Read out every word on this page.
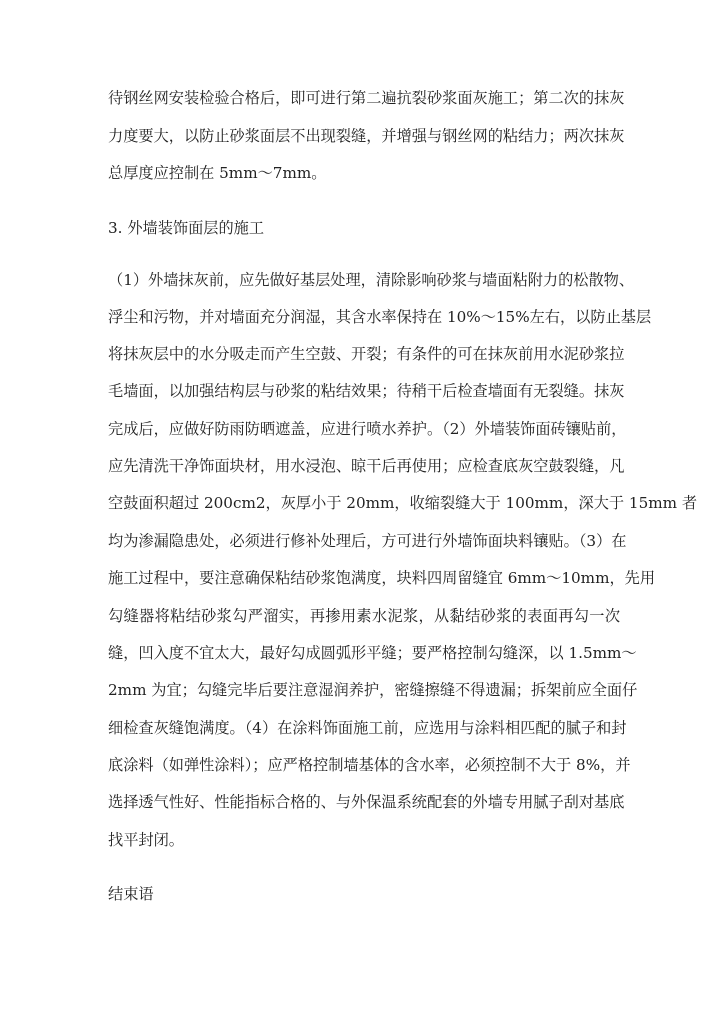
待钢丝网安装检验合格后，即可进行第二遍抗裂砂浆面灰施工；第二次的抹灰
力度要大，以防止砂浆面层不出现裂缝，并增强与钢丝网的粘结力；两次抹灰
总厚度应控制在 5mm～7mm。
3. 外墙装饰面层的施工
（1）外墙抹灰前，应先做好基层处理，清除影响砂浆与墙面粘附力的松散物、
浮尘和污物，并对墙面充分润湿，其含水率保持在 10%～15%左右，以防止基层
将抹灰层中的水分吸走而产生空鼓、开裂；有条件的可在抹灰前用水泥砂浆拉
毛墙面，以加强结构层与砂浆的粘结效果；待稍干后检查墙面有无裂缝。抹灰
完成后，应做好防雨防晒遮盖，应进行喷水养护。（2）外墙装饰面砖镶贴前，
应先清洗干净饰面块材，用水浸泡、晾干后再使用；应检查底灰空鼓裂缝，凡
空鼓面积超过 200cm2，灰厚小于 20mm，收缩裂缝大于 100mm，深大于 15mm 者
均为渗漏隐患处，必须进行修补处理后，方可进行外墙饰面块料镶贴。（3）在
施工过程中，要注意确保粘结砂浆饱满度，块料四周留缝宜 6mm～10mm，先用
勾缝器将粘结砂浆勾严溜实，再掺用素水泥浆，从黏结砂浆的表面再勾一次
缝，凹入度不宜太大，最好勾成圆弧形平缝；要严格控制勾缝深，以 1.5mm～
2mm 为宜；勾缝完毕后要注意湿润养护，密缝擦缝不得遗漏；拆架前应全面仔
细检查灰缝饱满度。（4）在涂料饰面施工前，应选用与涂料相匹配的腻子和封
底涂料（如弹性涂料）；应严格控制墙基体的含水率，必须控制不大于 8%，并
选择透气性好、性能指标合格的、与外保温系统配套的外墙专用腻子刮对基底
找平封闭。
结束语
